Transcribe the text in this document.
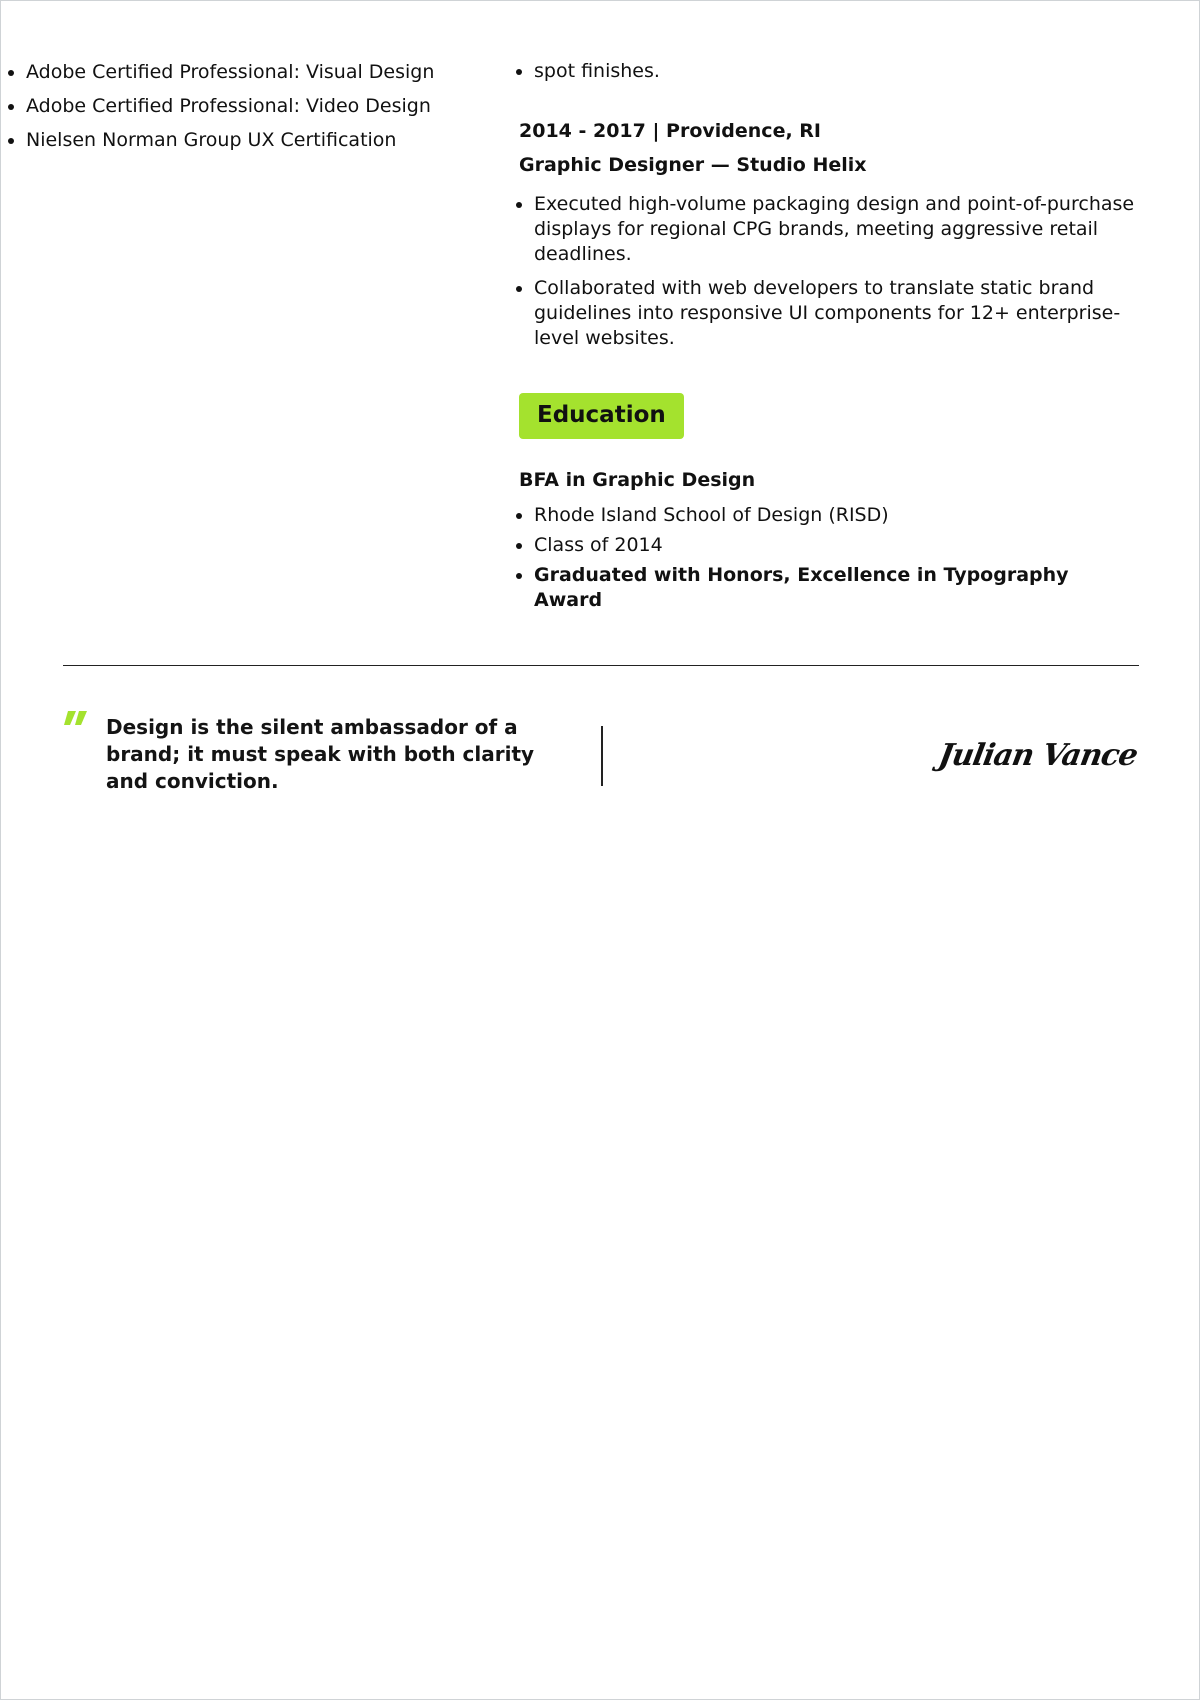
• Adobe Certified Professional: Visual Design
• Adobe Certified Professional: Video Design
• Nielsen Norman Group UX Certification
• spot finishes.
2014 - 2017 | Providence, RI
Graphic Designer — Studio Helix
• Executed high-volume packaging design and point-of-purchase displays for regional CPG brands, meeting aggressive retail deadlines.
• Collaborated with web developers to translate static brand guidelines into responsive UI components for 12+ enterprise-level websites.
Education
BFA in Graphic Design
• Rhode Island School of Design (RISD)
• Class of 2014
• Graduated with Honors, Excellence in Typography Award
Design is the silent ambassador of a brand; it must speak with both clarity and conviction.
Julian Vance
